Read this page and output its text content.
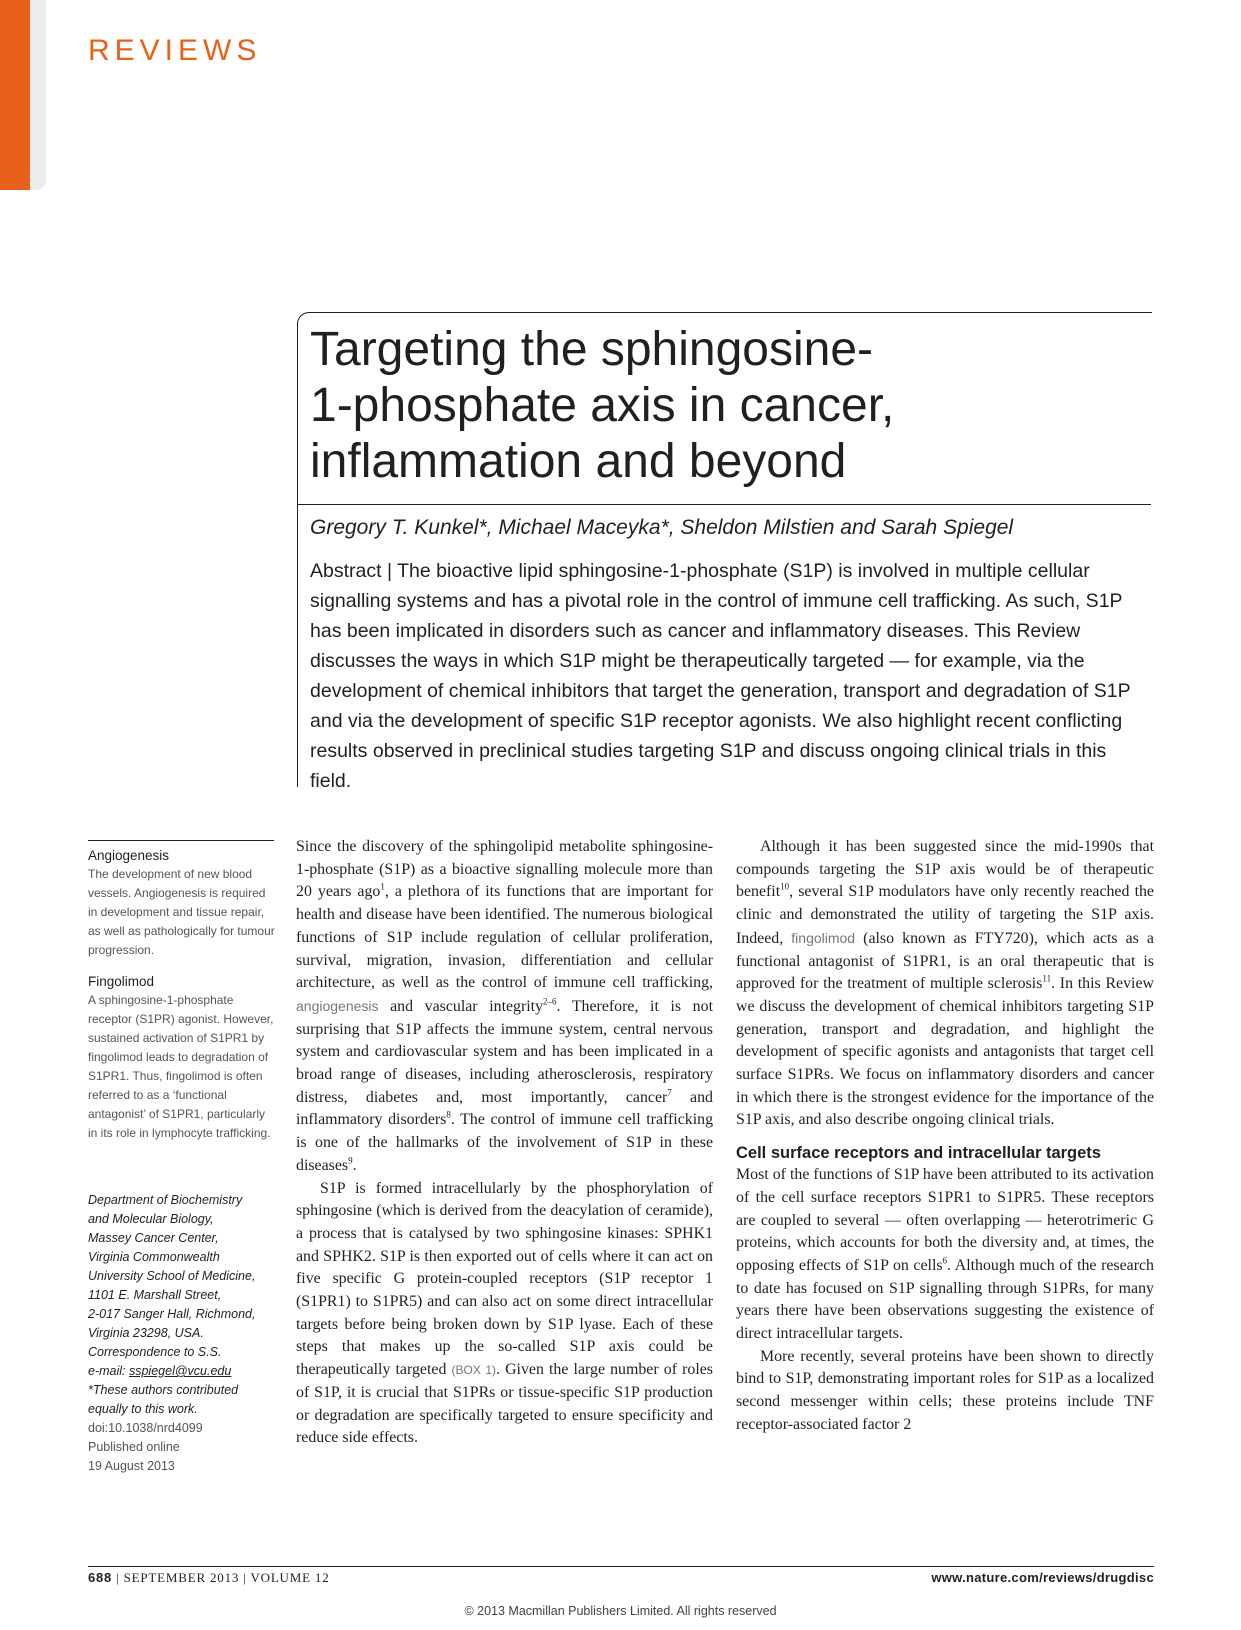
REVIEWS
Targeting the sphingosine-
1-phosphate axis in cancer,
inflammation and beyond
Gregory T. Kunkel*, Michael Maceyka*, Sheldon Milstien and Sarah Spiegel

Abstract | The bioactive lipid sphingosine-1-phosphate (S1P) is involved in multiple cellular signalling systems and has a pivotal role in the control of immune cell trafficking. As such, S1P has been implicated in disorders such as cancer and inflammatory diseases. This Review discusses the ways in which S1P might be therapeutically targeted — for example, via the development of chemical inhibitors that target the generation, transport and degradation of S1P and via the development of specific S1P receptor agonists. We also highlight recent conflicting results observed in preclinical studies targeting S1P and discuss ongoing clinical trials in this field.

Angiogenesis

The development of new blood vessels. Angiogenesis is required in development and tissue repair, as well as pathologically for tumour progression.

Fingolimod

A sphingosine-1-phosphate receptor (S1PR) agonist. However, sustained activation of S1PR1 by fingolimod leads to degradation of S1PR1. Thus, fingolimod is often referred to as a ‘functional antagonist’ of S1PR1, particularly in its role in lymphocyte trafficking.

Department of Biochemistry
and Molecular Biology,
Massey Cancer Center,
Virginia Commonwealth
University School of Medicine,
1101 E. Marshall Street,
2-017 Sanger Hall, Richmond,
Virginia 23298, USA.
Correspondence to S.S.
e-mail: sspiegel@vcu.edu
*These authors contributed
equally to this work.
doi:10.1038/nrd4099
Published online
19 August 2013

Since the discovery of the sphingolipid metabolite sphingosine-1-phosphate (S1P) as a bioactive signalling molecule more than 20 years ago$^1$, a plethora of its functions that are important for health and disease have been identified. The numerous biological functions of S1P include regulation of cellular proliferation, survival, migration, invasion, differentiation and cellular architecture, as well as the control of immune cell trafficking, angiogenesis and vascular integrity$^{2-6}$. Therefore, it is not surprising that S1P affects the immune system, central nervous system and cardiovascular system and has been implicated in a broad range of diseases, including atherosclerosis, respiratory distress, diabetes and, most importantly, cancer$^7$ and inflammatory disorders$^8$. The control of immune cell trafficking is one of the hallmarks of the involvement of S1P in these diseases$^9$.

S1P is formed intracellularly by the phosphorylation of sphingosine (which is derived from the deacylation of ceramide), a process that is catalysed by two sphingosine kinases: SPHK1 and SPHK2. S1P is then exported out of cells where it can act on five specific G protein-coupled receptors (S1P receptor 1 (S1PR1) to S1PR5) and can also act on some direct intracellular targets before being broken down by S1P lyase. Each of these steps that makes up the so-called S1P axis could be therapeutically targeted (BOX 1). Given the large number of roles of S1P, it is crucial that S1PRs or tissue-specific S1P production or degradation are specifically targeted to ensure specificity and reduce side effects.

Although it has been suggested since the mid-1990s that compounds targeting the S1P axis would be of therapeutic benefit$^{10}$, several S1P modulators have only recently reached the clinic and demonstrated the utility of targeting the S1P axis. Indeed, fingolimod (also known as FTY720), which acts as a functional antagonist of S1PR1, is an oral therapeutic that is approved for the treatment of multiple sclerosis$^{11}$. In this Review we discuss the development of chemical inhibitors targeting S1P generation, transport and degradation, and highlight the development of specific agonists and antagonists that target cell surface S1PRs. We focus on inflammatory disorders and cancer in which there is the strongest evidence for the importance of the S1P axis, and also describe ongoing clinical trials.

Cell surface receptors and intracellular targets

Most of the functions of S1P have been attributed to its activation of the cell surface receptors S1PR1 to S1PR5. These receptors are coupled to several — often overlapping — heterotrimeric G proteins, which accounts for both the diversity and, at times, the opposing effects of S1P on cells$^6$. Although much of the research to date has focused on S1P signalling through S1PRs, for many years there have been observations suggesting the existence of direct intracellular targets.

More recently, several proteins have been shown to directly bind to S1P, demonstrating important roles for S1P as a localized second messenger within cells; these proteins include TNF receptor-associated factor 2

688 | SEPTEMBER 2013 | VOLUME 12	www.nature.com/reviews/drugdisc
© 2013 Macmillan Publishers Limited. All rights reserved
